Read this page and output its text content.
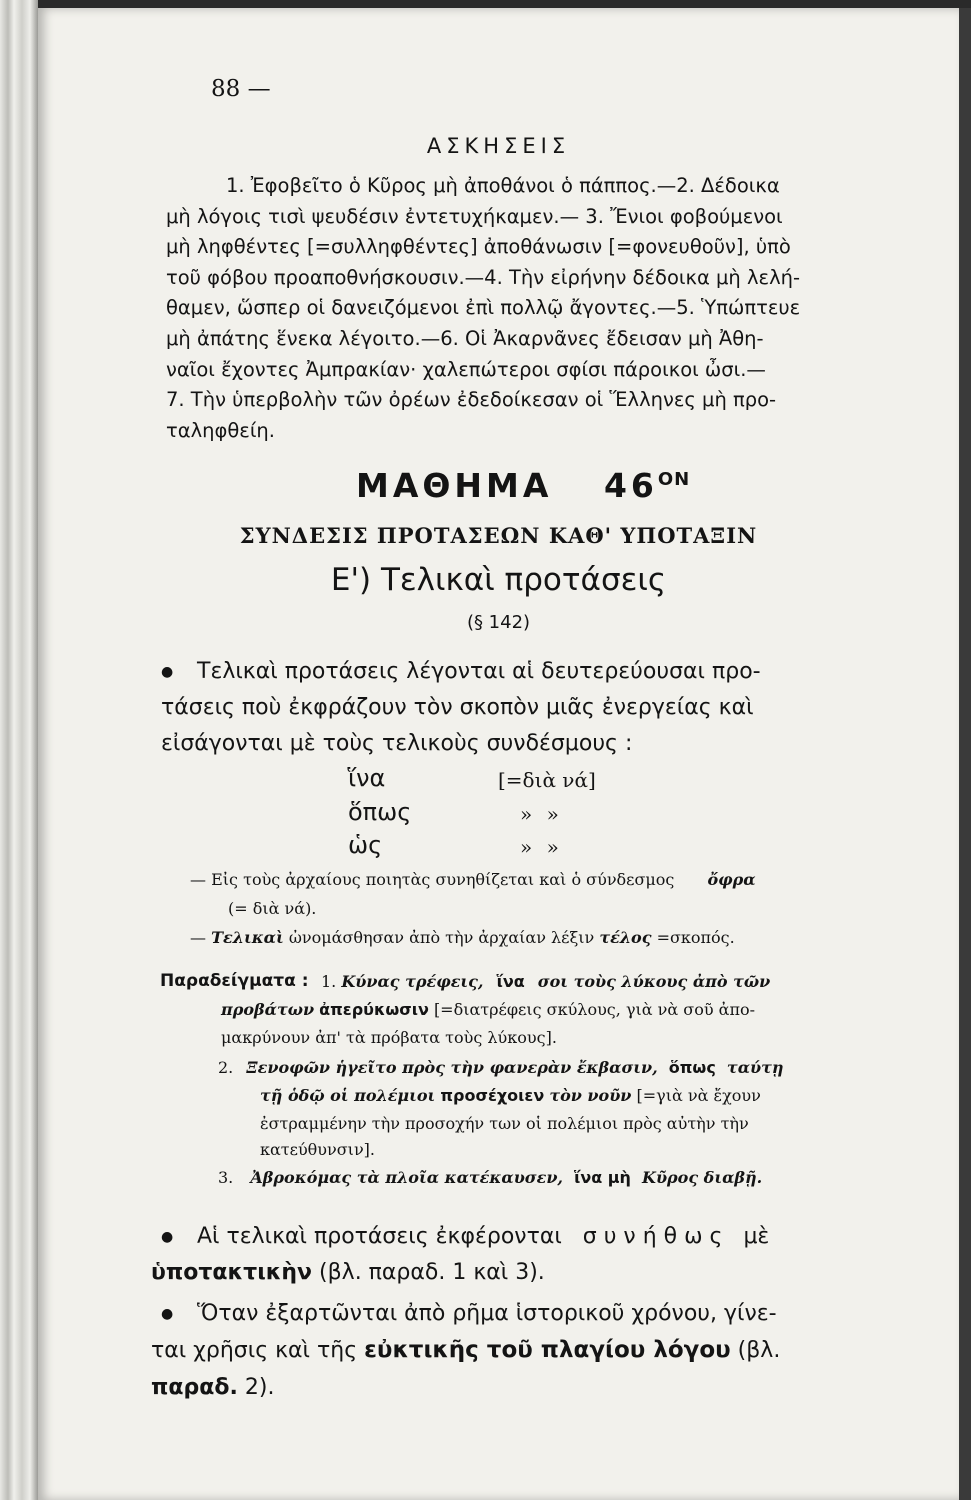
88 —
ΑΣΚΗΣΕΙΣ
1. Ἐφοβεῖτο ὁ Κῦρος μὴ ἀποθάνοι ὁ πάππος.—2. Δέδοικα
μὴ λόγοις τισὶ ψευδέσιν ἐντετυχήκαμεν.— 3. Ἔνιοι φοβούμενοι
μὴ ληφθέντες [=συλληφθέντες] ἀποθάνωσιν [=φονευθοῦν], ὑπὸ
τοῦ φόβου προαποθνήσκουσιν.—4. Τὴν εἰρήνην δέδοικα μὴ λελή-
θαμεν, ὥσπερ οἱ δανειζόμενοι ἐπὶ πολλῷ ἄγοντες.—5. Ὑπώπτευε
μὴ ἀπάτης ἕνεκα λέγοιτο.—6. Οἱ Ἀκαρνᾶνες ἔδεισαν μὴ Ἀθη-
ναῖοι ἔχοντες Ἀμπρακίαν· χαλεπώτεροι σφίσι πάροικοι ὦσι.—
7. Τὴν ὑπερβολὴν τῶν ὀρέων ἐδεδοίκεσαν οἱ Ἕλληνες μὴ προ-
ταληφθείη.
ΜΑΘΗΜΑ $46^{ON}$
ΣΥΝΔΕΣΙΣ ΠΡΟΤΑΣΕΩΝ ΚΑΘ' ΥΠΟΤΑΞΙΝ
Ε') Τελικαὶ προτάσεις
(§ 142)
● Τελικαὶ προτάσεις λέγονται αἱ δευτερεύουσαι προ-
τάσεις ποὺ ἐκφράζουν τὸν σκοπὸν μιᾶς ἐνεργείας καὶ
εἰσάγονται μὲ τοὺς τελικοὺς συνδέσμους :
ἵνα	[=διὰ νά]
ὅπως	» »
ὡς	» »
— Εἰς τοὺς ἀρχαίους ποιητὰς συνηθίζεται καὶ ὁ σύνδεσμος ὄφρα
(= διὰ νά).
— Τελικαὶ ὠνομάσθησαν ἀπὸ τὴν ἀρχαίαν λέξιν τέλος =σκοπός.
Παραδείγματα : 1. Κύνας τρέφεις, ἵνα σοι τοὺς λύκους ἀπὸ τῶν
προβάτων ἀπερύκωσιν [=διατρέφεις σκύλους, γιὰ νὰ σοῦ ἀπο-
μακρύνουν ἀπ' τὰ πρόβατα τοὺς λύκους].
2. Ξενοφῶν ἡγεῖτο πρὸς τὴν φανερὰν ἔκβασιν, ὅπως ταύτῃ
τῇ ὁδῷ οἱ πολέμιοι προσέχοιεν τὸν νοῦν [=γιὰ νὰ ἔχουν
ἐστραμμένην τὴν προσοχήν των οἱ πολέμιοι πρὸς αὐτὴν τὴν
κατεύθυνσιν].
3. Ἀβροκόμας τὰ πλοῖα κατέκαυσεν, ἵνα μὴ Κῦρος διαβῇ.
● Αἱ τελικαὶ προτάσεις ἐκφέρονται σ υ ν ή θ ω ς μὲ
ὑποτακτικὴν (βλ. παραδ. 1 καὶ 3).
● Ὅταν ἐξαρτῶνται ἀπὸ ρῆμα ἱστορικοῦ χρόνου, γίνε-
ται χρῆσις καὶ τῆς εὐκτικῆς τοῦ πλαγίου λόγου (βλ.
παραδ. 2).
